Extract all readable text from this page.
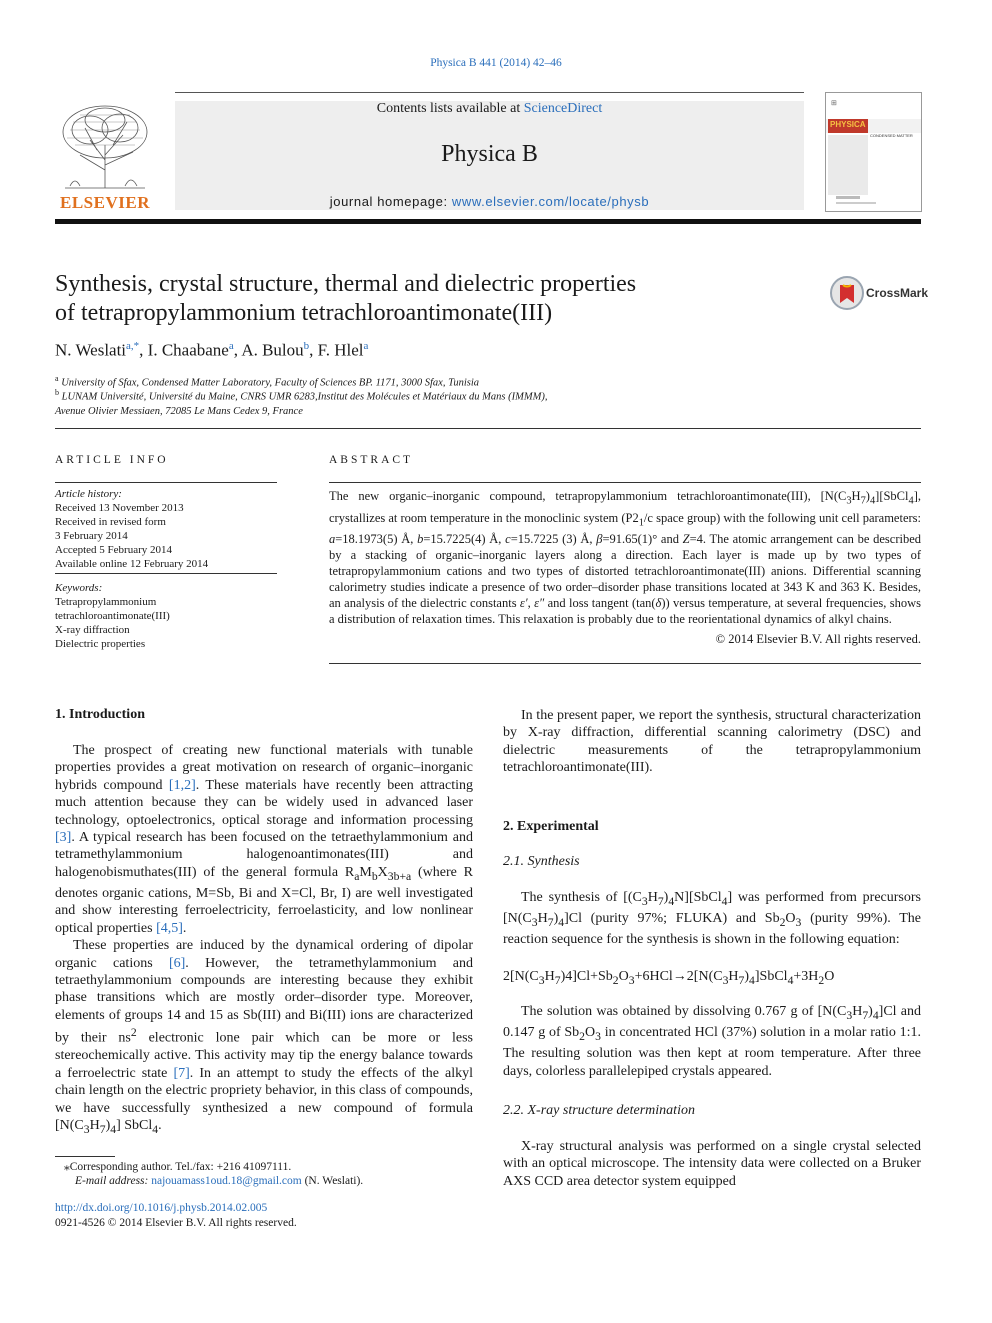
Physica B 441 (2014) 42–46
ELSEVIER
Contents lists available at ScienceDirect
Physica B
journal homepage: www.elsevier.com/locate/physb
⊞
PHYSICA
CONDENSED MATTER
Synthesis, crystal structure, thermal and dielectric properties
of tetrapropylammonium tetrachloroantimonate(III)
CrossMark
N. Weslati$^{a,*}$, I. Chaabane$^a$, A. Bulou$^b$, F. Hlel$^a$
$^a$ University of Sfax, Condensed Matter Laboratory, Faculty of Sciences BP. 1171, 3000 Sfax, Tunisia
$^b$ LUNAM Université, Université du Maine, CNRS UMR 6283,Institut des Molécules et Matériaux du Mans (IMMM),
Avenue Olivier Messiaen, 72085 Le Mans Cedex 9, France
ARTICLE INFO
Article history:
Received 13 November 2013
Received in revised form
3 February 2014
Accepted 5 February 2014
Available online 12 February 2014
Keywords:
Tetrapropylammonium
tetrachloroantimonate(III)
X-ray diffraction
Dielectric properties
ABSTRACT
The new organic–inorganic compound, tetrapropylammonium tetrachloroantimonate(III), $[N(C_3H_7)_4][SbCl_4]$, crystallizes at room temperature in the monoclinic system ($P2_1/c$ space group) with the following unit cell parameters: a=18.1973(5) Å, b=15.7225(4) Å, c=15.7225 (3) Å, β=91.65(1)° and Z=4. The atomic arrangement can be described by a stacking of organic–inorganic layers along a direction. Each layer is made up by two types of tetrapropylammonium cations and two types of distorted tetrachloroantimonate(III) anions. Differential scanning calorimetry studies indicate a presence of two order–disorder phase transitions located at 343 K and 363 K. Besides, an analysis of the dielectric constants ε′, ε″ and loss tangent (tan(δ)) versus temperature, at several frequencies, shows a distribution of relaxation times. This relaxation is probably due to the reorientational dynamics of alkyl chains.
© 2014 Elsevier B.V. All rights reserved.
1. Introduction

The prospect of creating new functional materials with tunable properties provides a great motivation on research of organic–inorganic hybrids compound [1,2]. These materials have recently been attracting much attention because they can be widely used in advanced laser technology, optoelectronics, optical storage and information processing [3]. A typical research has been focused on the tetraethylammonium and tetramethylammonium halogenoantimonates(III) and halogenobismuthates(III) of the general formula $R_aM_bX_{3b+a}$ (where R denotes organic cations, M=Sb, Bi and X=Cl, Br, I) are well investigated and show interesting ferroelectricity, ferroelasticity, and low nonlinear optical properties [4,5].

These properties are induced by the dynamical ordering of dipolar organic cations [6]. However, the tetramethylammonium and tetraethylammonium compounds are interesting because they exhibit phase transitions which are mostly order–disorder type. Moreover, elements of groups 14 and 15 as Sb(III) and Bi(III) ions are characterized by their $ns^2$ electronic lone pair which can be more or less stereochemically active. This activity may tip the energy balance towards a ferroelectric state [7]. In an attempt to study the effects of the alkyl chain length on the electric propriety behavior, in this class of compounds, we have successfully synthesized a new compound of formula $[N(C_3H_7)_4]$ SbCl$_4$.

⁎Corresponding author. Tel./fax: +216 41097111.
E-mail address: najouamass1oud.18@gmail.com (N. Weslati).
http://dx.doi.org/10.1016/j.physb.2014.02.005
0921-4526 © 2014 Elsevier B.V. All rights reserved.

In the present paper, we report the synthesis, structural characterization by X-ray diffraction, differential scanning calorimetry (DSC) and dielectric measurements of the tetrapropylammonium tetrachloroantimonate(III).

2. Experimental
2.1. Synthesis

The synthesis of $[(C_3H_7)_4N][SbCl_4]$ was performed from precursors $[N(C_3H_7)_4]Cl$ (purity 97%; FLUKA) and $Sb_2O_3$ (purity 99%). The reaction sequence for the synthesis is shown in the following equation:

$2[N(C_3H_7)4]Cl+Sb_2O_3+6HCl\to 2[N(C_3H_7)_4]SbCl_4+3H_2O$

The solution was obtained by dissolving 0.767 g of $[N(C_3H_7)_4]Cl$ and 0.147 g of $Sb_2O_3$ in concentrated HCl (37%) solution in a molar ratio 1:1. The resulting solution was then kept at room temperature. After three days, colorless parallelepiped crystals appeared.

2.2. X-ray structure determination

X-ray structural analysis was performed on a single crystal selected with an optical microscope. The intensity data were collected on a Bruker AXS CCD area detector system equipped
